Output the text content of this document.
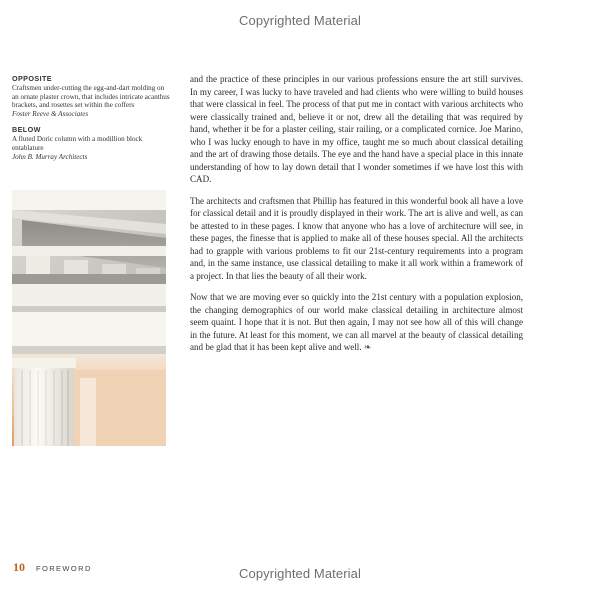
Copyrighted Material
OPPOSITE
Craftsmen under-cutting the egg-and-dart molding on an ornate plaster crown, that includes intricate acanthus brackets, and rosettes set within the coffers
Foster Reeve & Associates
BELOW
A fluted Doric column with a modillion block entablature
John B. Murray Architects

and the practice of these principles in our various professions ensure the art still survives. In my career, I was lucky to have traveled and had clients who were willing to build houses that were classical in feel. The process of that put me in contact with various architects who were classically trained and, believe it or not, drew all the detailing that was required by hand, whether it be for a plaster ceiling, stair railing, or a complicated cornice. Joe Marino, who I was lucky enough to have in my office, taught me so much about classical detailing and the art of drawing those details. The eye and the hand have a special place in this innate understanding of how to lay down detail that I wonder sometimes if we have lost this with CAD.

The architects and craftsmen that Phillip has featured in this wonderful book all have a love for classical detail and it is proudly displayed in their work. The art is alive and well, as can be attested to in these pages. I know that anyone who has a love of architecture will see, in these pages, the finesse that is applied to make all of these houses special. All the architects had to grapple with various problems to fit our 21st-century requirements into a program and, in the same instance, use classical detailing to make it all work within a framework of a project. In that lies the beauty of all their work.

Now that we are moving ever so quickly into the 21st century with a population explosion, the changing demographics of our world make classical detailing in architecture almost seem quaint. I hope that it is not. But then again, I may not see how all of this will change in the future. At least for this moment, we can all marvel at the beauty of classical detailing and be glad that it has been kept alive and well. ❧

10 FOREWORD	Copyrighted Material
